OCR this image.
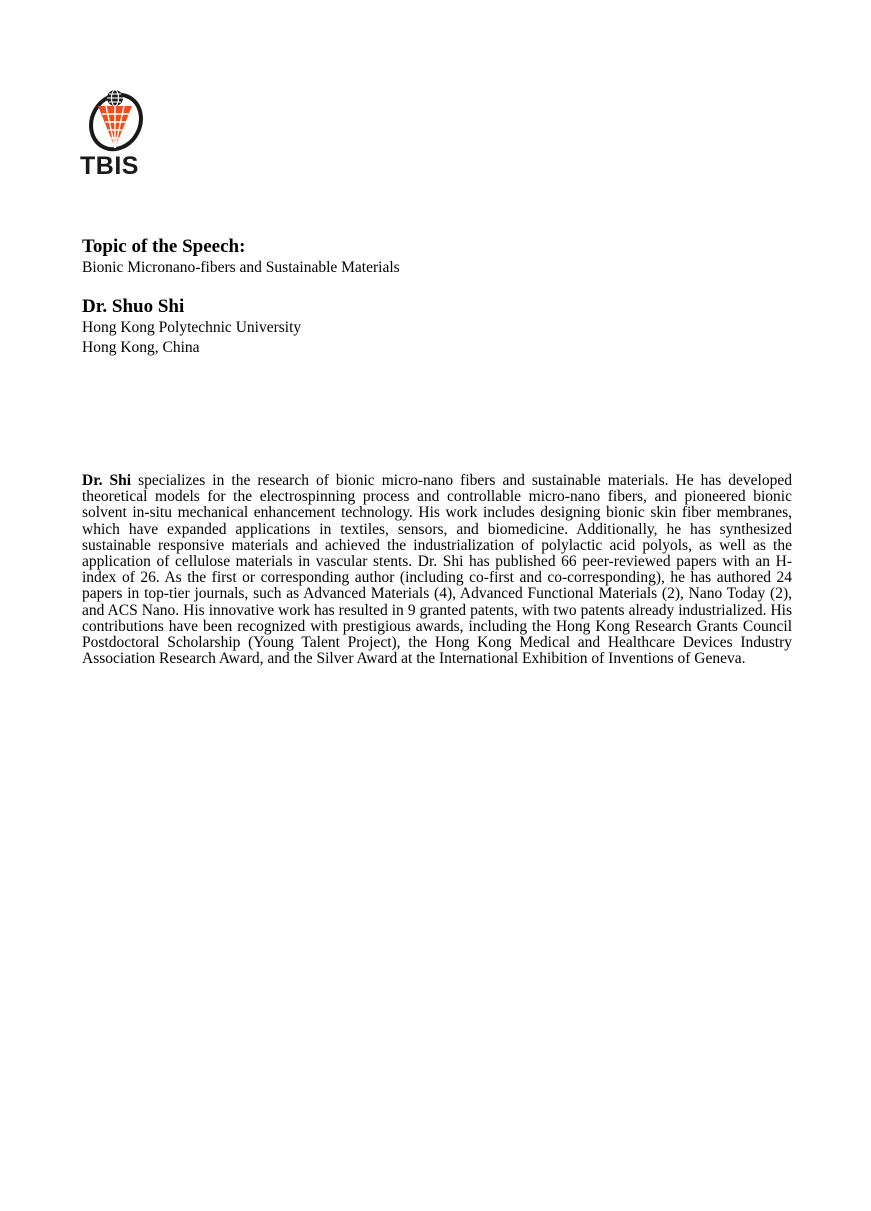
TBIS
Topic of the Speech:
Bionic Micronano-fibers and Sustainable Materials
Dr. Shuo Shi
Hong Kong Polytechnic University
Hong Kong, China

Dr. Shi specializes in the research of bionic micro-nano fibers and sustainable materials. He has developed theoretical models for the electrospinning process and controllable micro-nano fibers, and pioneered bionic solvent in-situ mechanical enhancement technology. His work includes designing bionic skin fiber membranes, which have expanded applications in textiles, sensors, and biomedicine. Additionally, he has synthesized sustainable responsive materials and achieved the industrialization of polylactic acid polyols, as well as the application of cellulose materials in vascular stents. Dr. Shi has published 66 peer-reviewed papers with an H-index of 26. As the first or corresponding author (including co-first and co-corresponding), he has authored 24 papers in top-tier journals, such as Advanced Materials (4), Advanced Functional Materials (2), Nano Today (2), and ACS Nano. His innovative work has resulted in 9 granted patents, with two patents already industrialized. His contributions have been recognized with prestigious awards, including the Hong Kong Research Grants Council Postdoctoral Scholarship (Young Talent Project), the Hong Kong Medical and Healthcare Devices Industry Association Research Award, and the Silver Award at the International Exhibition of Inventions of Geneva.
